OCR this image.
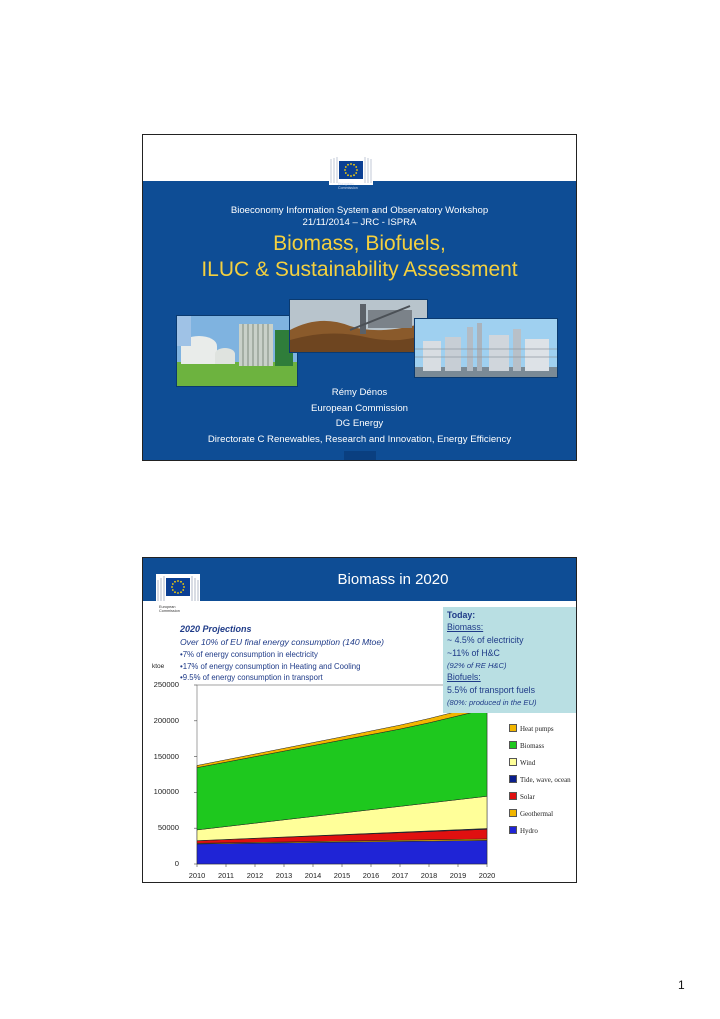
European
Commission
Bioeconomy Information System and Observatory Workshop
21/11/2014 – JRC - ISPRA
Biomass, Biofuels,
ILUC & Sustainability Assessment
Rémy Dénos
European Commission
DG Energy
Directorate C Renewables, Research and Innovation, Energy Efficiency
Biomass in 2020
European
Commission
ktoe
2020 Projections
Over 10% of EU final energy consumption (140 Mtoe)
•7% of energy consumption in electricity
•17% of energy consumption in Heating and Cooling
•9.5% of energy consumption in transport
Today:
Biomass:
~ 4.5% of electricity
~11% of H&C
(92% of RE H&C)
Biofuels:
5.5% of transport fuels
(80%: produced in the EU)
0
50000
100000
150000
200000
250000
2010	2011	2012	2013	2014	2015	2016	2017	2018	2019	2020
Heat pumps
Biomass
Wind
Tide, wave, ocean
Solar
Geothermal
Hydro
1
